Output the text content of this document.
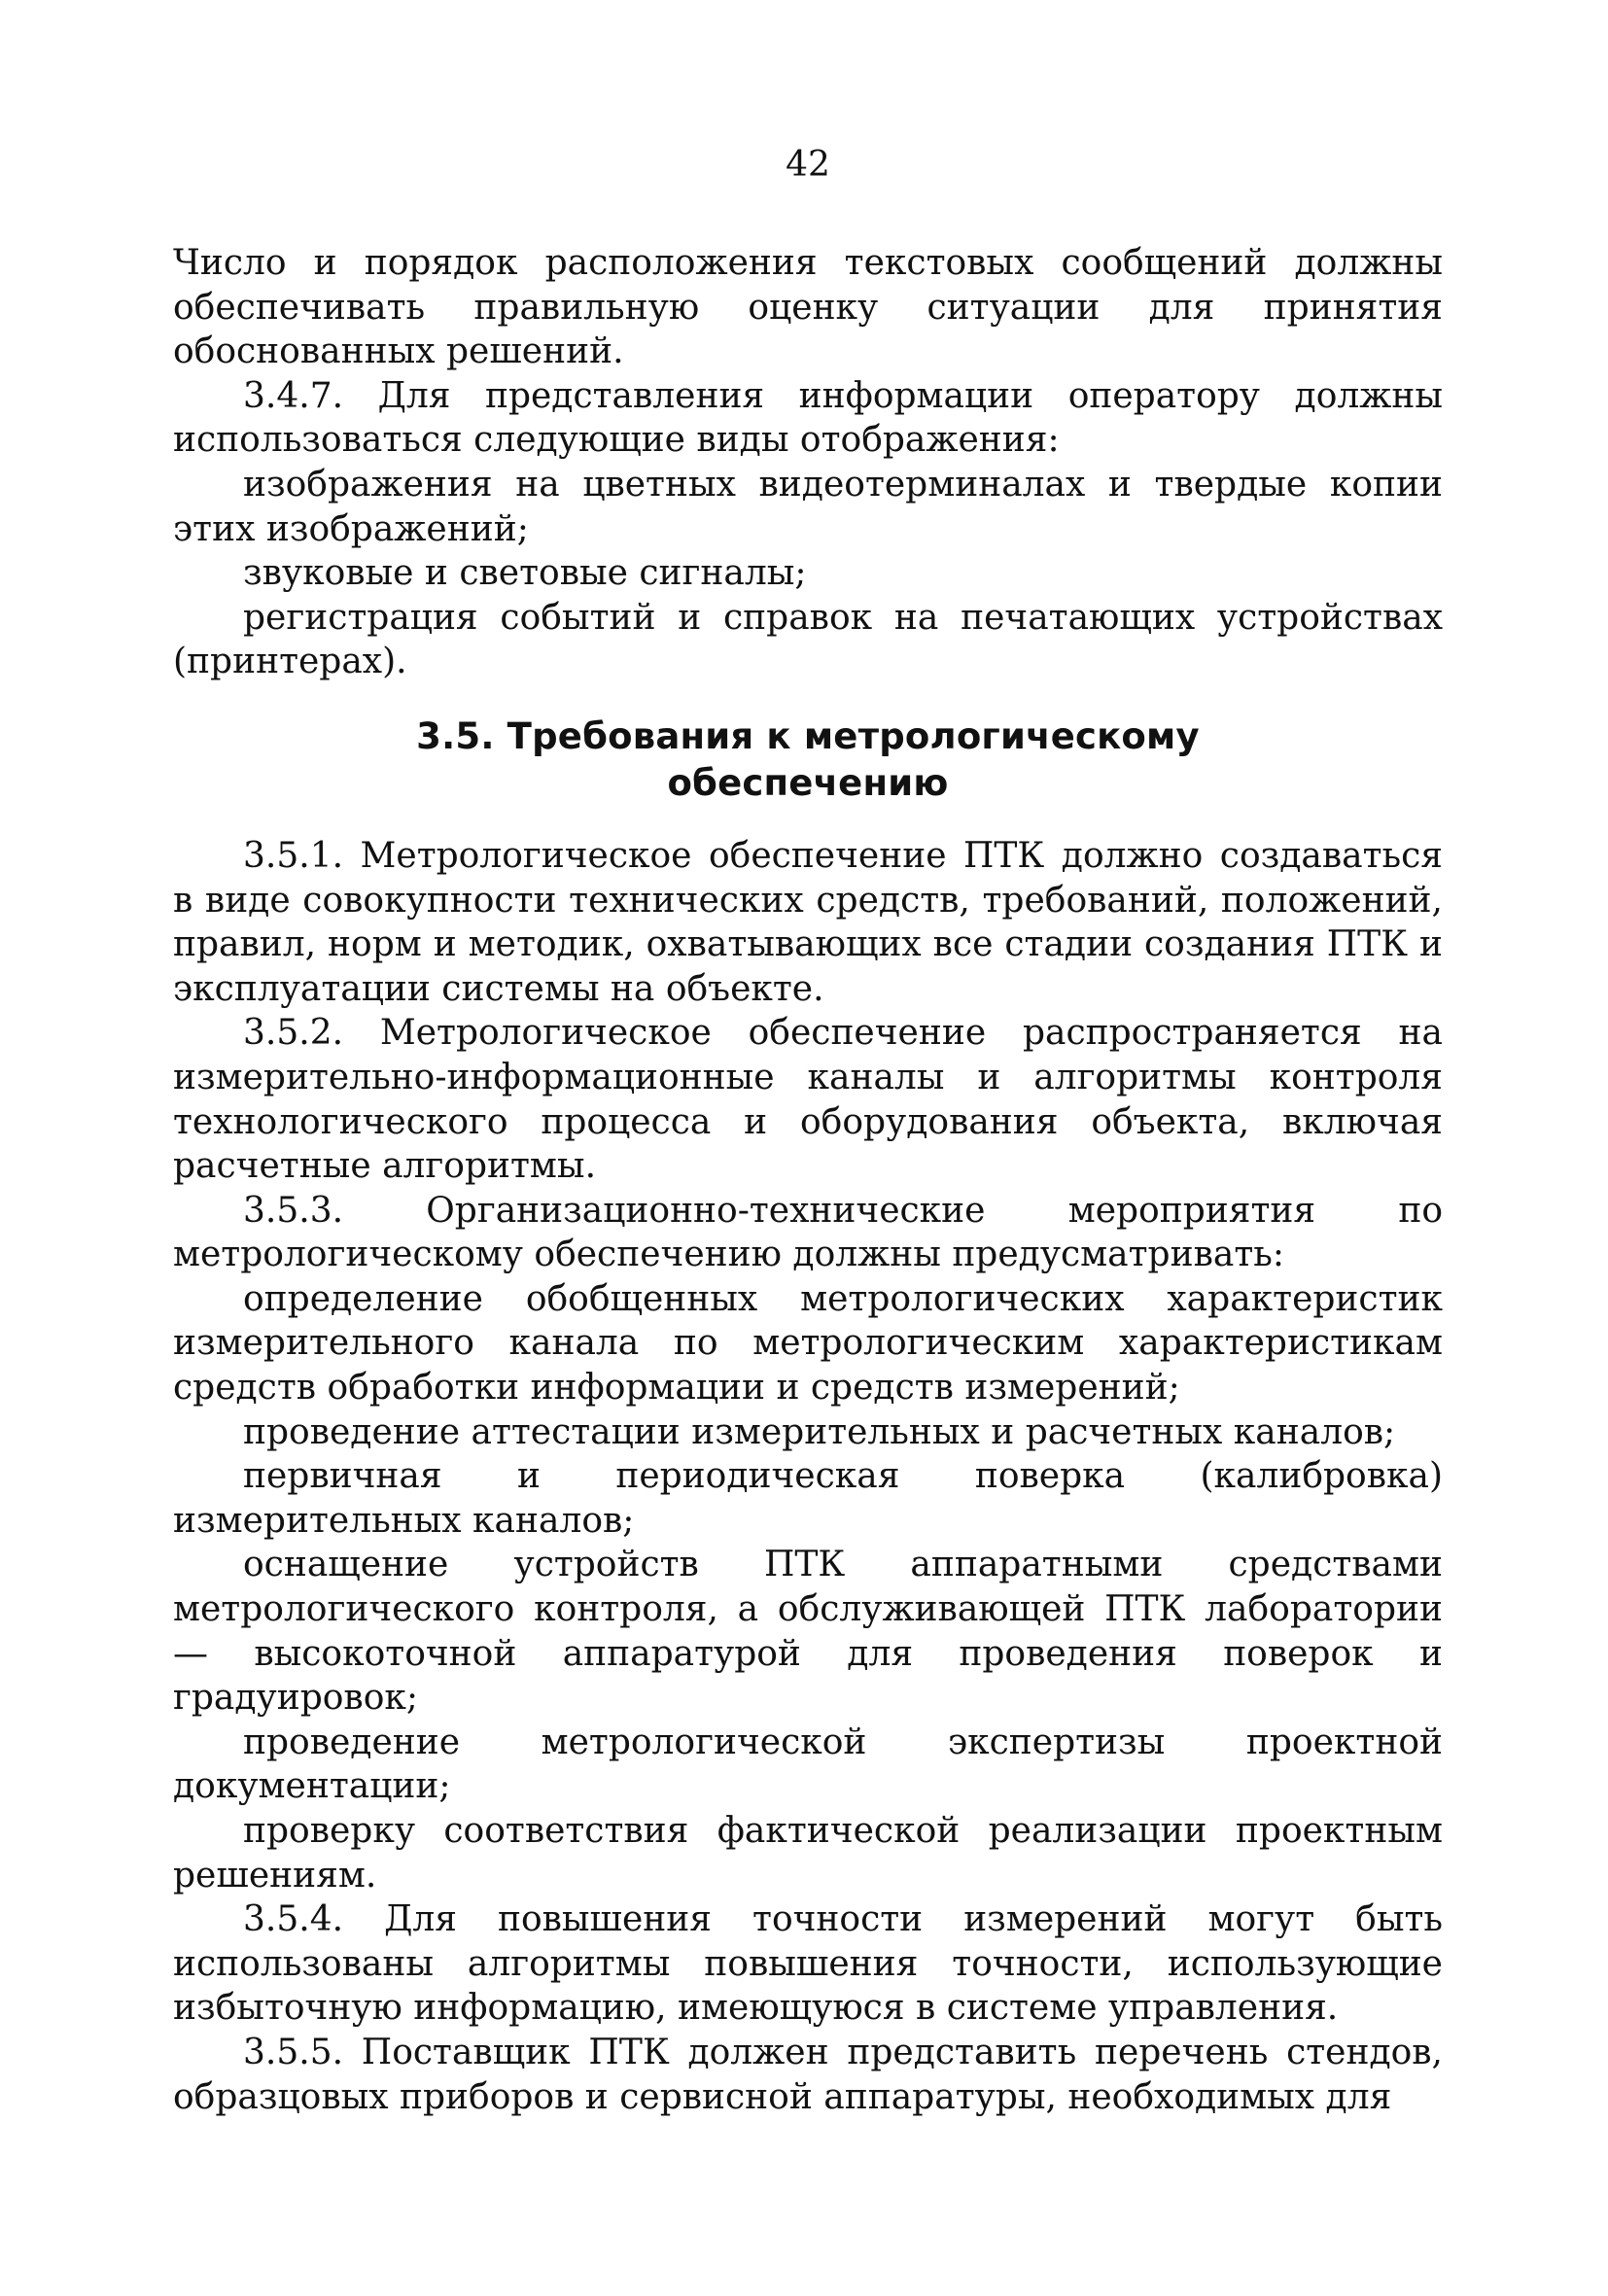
42

Число и порядок расположения текстовых сообщений должны обеспечивать правильную оценку ситуации для принятия обоснованных решений.

3.4.7. Для представления информации оператору должны использоваться следующие виды отображения:

изображения на цветных видеотерминалах и твердые копии этих изображений;

звуковые и световые сигналы;

регистрация событий и справок на печатающих устройствах (принтерах).

3.5. Требования к метрологическому
обеспечению

3.5.1. Метрологическое обеспечение ПТК должно создаваться в виде совокупности технических средств, требований, положений, правил, норм и методик, охватывающих все стадии создания ПТК и эксплуатации системы на объекте.

3.5.2. Метрологическое обеспечение распространяется на измерительно-информационные каналы и алгоритмы контроля технологического процесса и оборудования объекта, включая расчетные алгоритмы.

3.5.3. Организационно-технические мероприятия по метрологическому обеспечению должны предусматривать:

определение обобщенных метрологических характеристик измерительного канала по метрологическим характеристикам средств обработки информации и средств измерений;

проведение аттестации измерительных и расчетных каналов;

первичная и периодическая поверка (калибровка) измерительных каналов;

оснащение устройств ПТК аппаратными средствами метрологического контроля, а обслуживающей ПТК лаборатории — высокоточной аппаратурой для проведения поверок и градуировок;

проведение метрологической экспертизы проектной документации;

проверку соответствия фактической реализации проектным решениям.

3.5.4. Для повышения точности измерений могут быть использованы алгоритмы повышения точности, использующие избыточную информацию, имеющуюся в системе управления.

3.5.5. Поставщик ПТК должен представить перечень стендов, образцовых приборов и сервисной аппаратуры, необходимых для
